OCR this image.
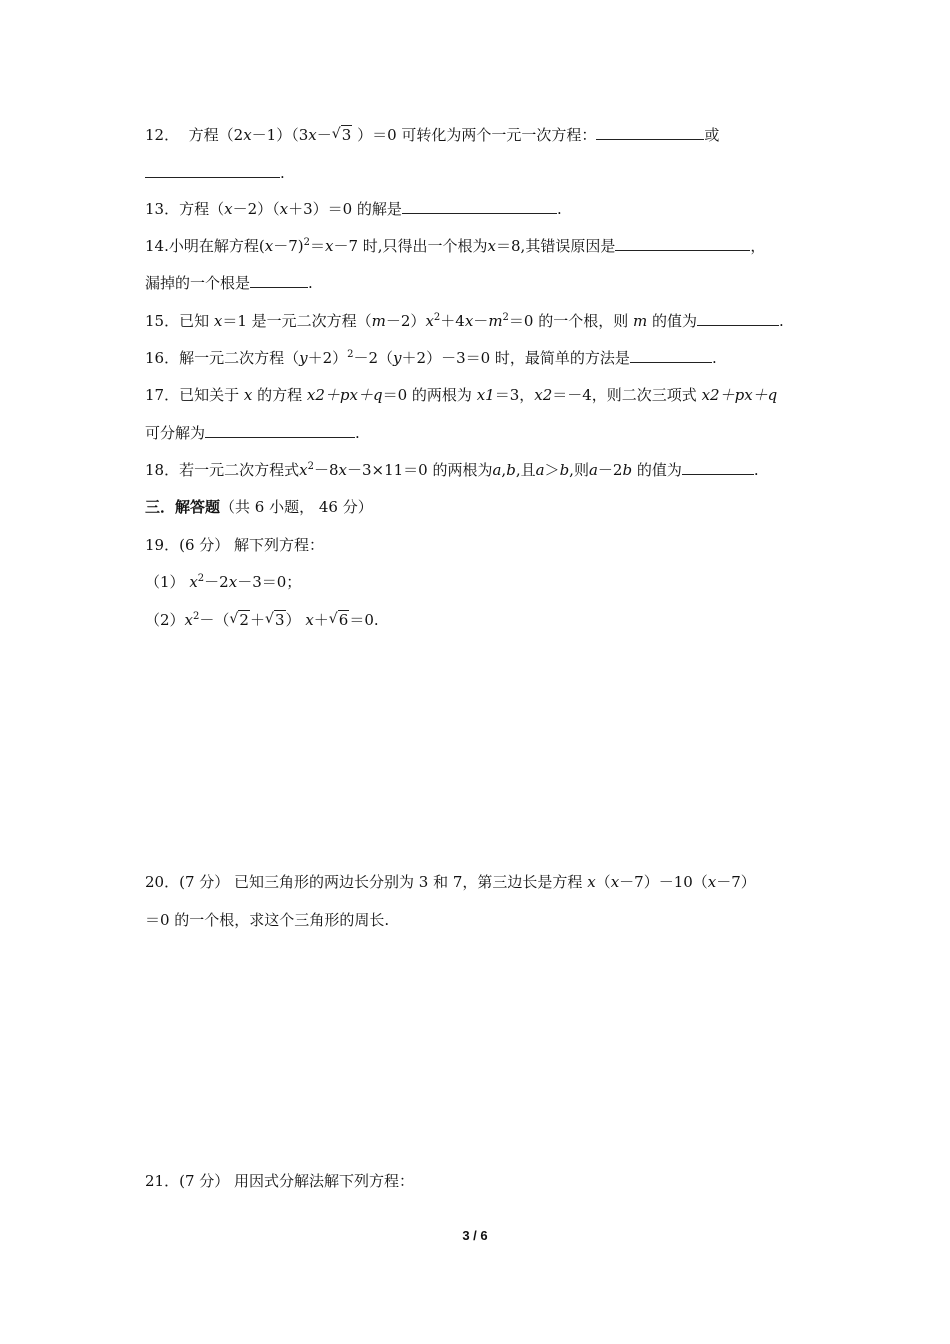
12． 方程（2x－1）（3x－ √ 3 ）＝0 可转化为两个一元一次方程：	或
.
13．方程（x－2）（x＋3）＝0 的解是	.
14.小明在解方程$(x-7)^2=x-7$ 时,只得出一个根为x＝8,其错误原因是	，
漏掉的一个根是	.
15．已知 x＝1 是一元二次方程$(m-2)x^2+4x-m^2=0$ 的一个根，则 m 的值为	.
16．解一元二次方程$(y+2)^2-2(y+2)-3=0$ 时，最简单的方法是	.
17．已知关于 x 的方程 x2＋px＋q＝0 的两根为 x1＝3，x2＝－4，则二次三项式 x2＋px＋q
可分解为	.
18．若一元二次方程式$x^2-8x-3\times 11=0$ 的两根为a,b,且a＞b,则a－2b 的值为	.
三．解答题（共 6 小题， 46 分）
19．(6 分） 解下列方程：
（1） $x^2-2x-3=0$；
$(2)x^2-$（ √ 2＋ √ 3） x＋ √ 6＝0.
20．(7 分） 已知三角形的两边长分别为 3 和 7，第三边长是方程 x（x－7）－10（x－7）
＝0 的一个根，求这个三角形的周长.
21．(7 分） 用因式分解法解下列方程：
3 / 6
